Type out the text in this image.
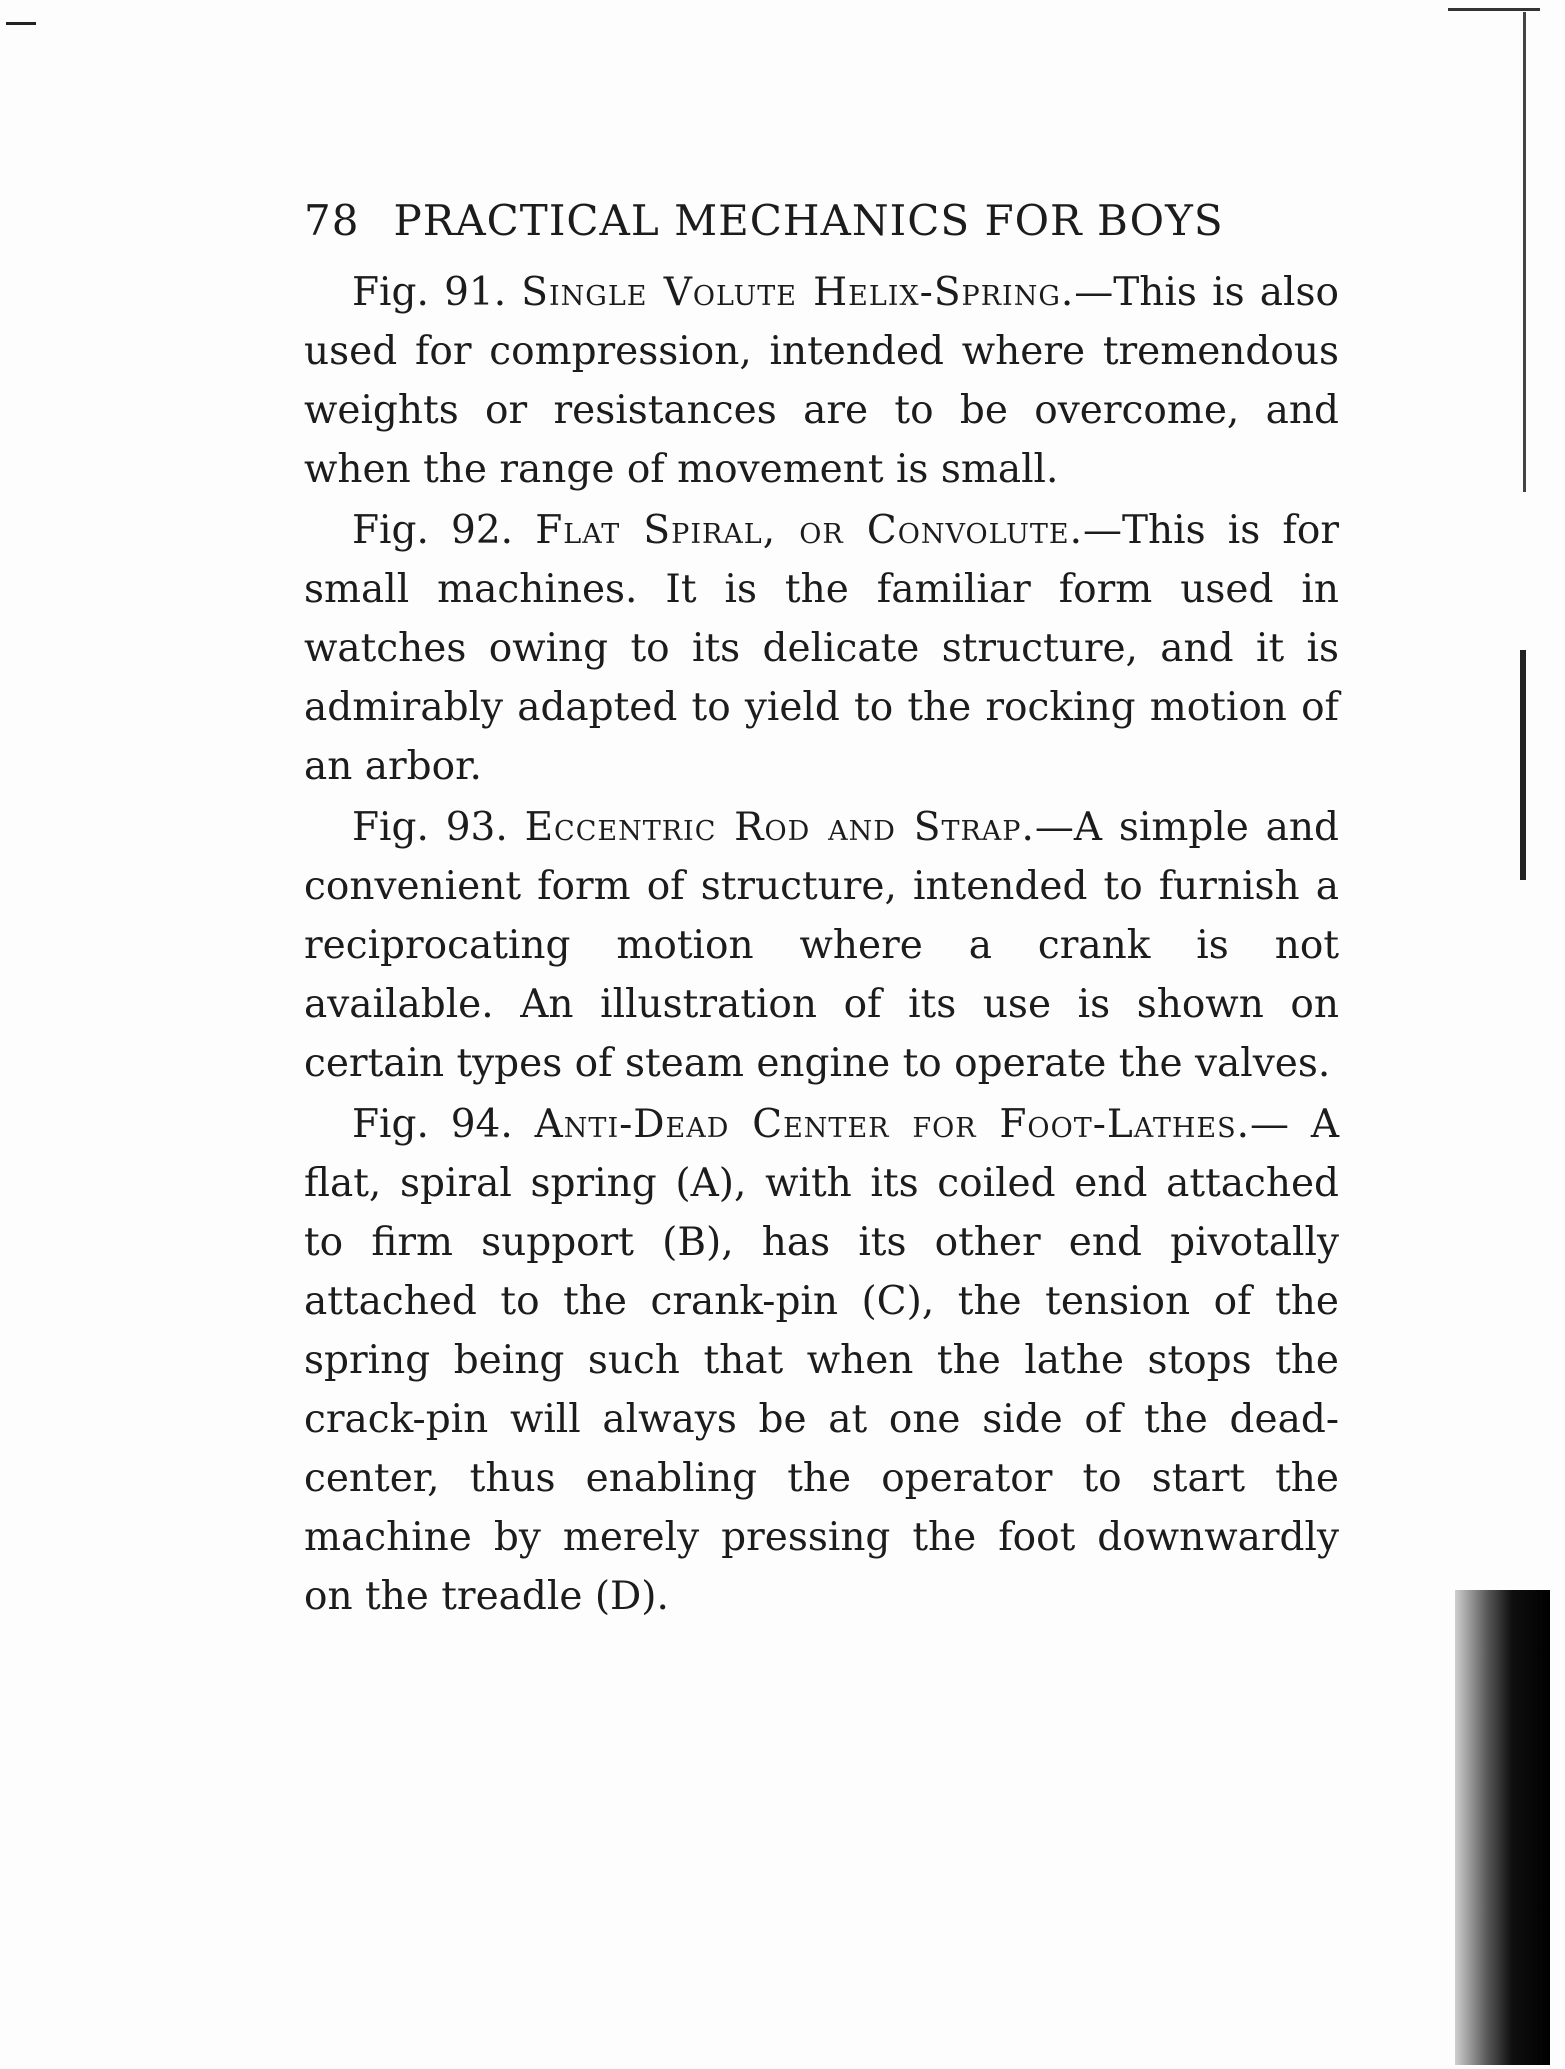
78 PRACTICAL MECHANICS FOR BOYS

Fig. 91. Single Volute Helix-Spring.—This is also used for compression, intended where tremendous weights or resistances are to be overcome, and when the range of movement is small.

Fig. 92. Flat Spiral, or Convolute.—This is for small machines. It is the familiar form used in watches owing to its delicate structure, and it is admirably adapted to yield to the rocking motion of an arbor.

Fig. 93. Eccentric Rod and Strap.—A simple and convenient form of structure, intended to furnish a reciprocating motion where a crank is not available. An illustration of its use is shown on certain types of steam engine to operate the valves.

Fig. 94. Anti-Dead Center for Foot-Lathes.— A flat, spiral spring (A), with its coiled end attached to firm support (B), has its other end pivotally attached to the crank-pin (C), the tension of the spring being such that when the lathe stops the crack-pin will always be at one side of the dead-center, thus enabling the operator to start the machine by merely pressing the foot downwardly on the treadle (D).
